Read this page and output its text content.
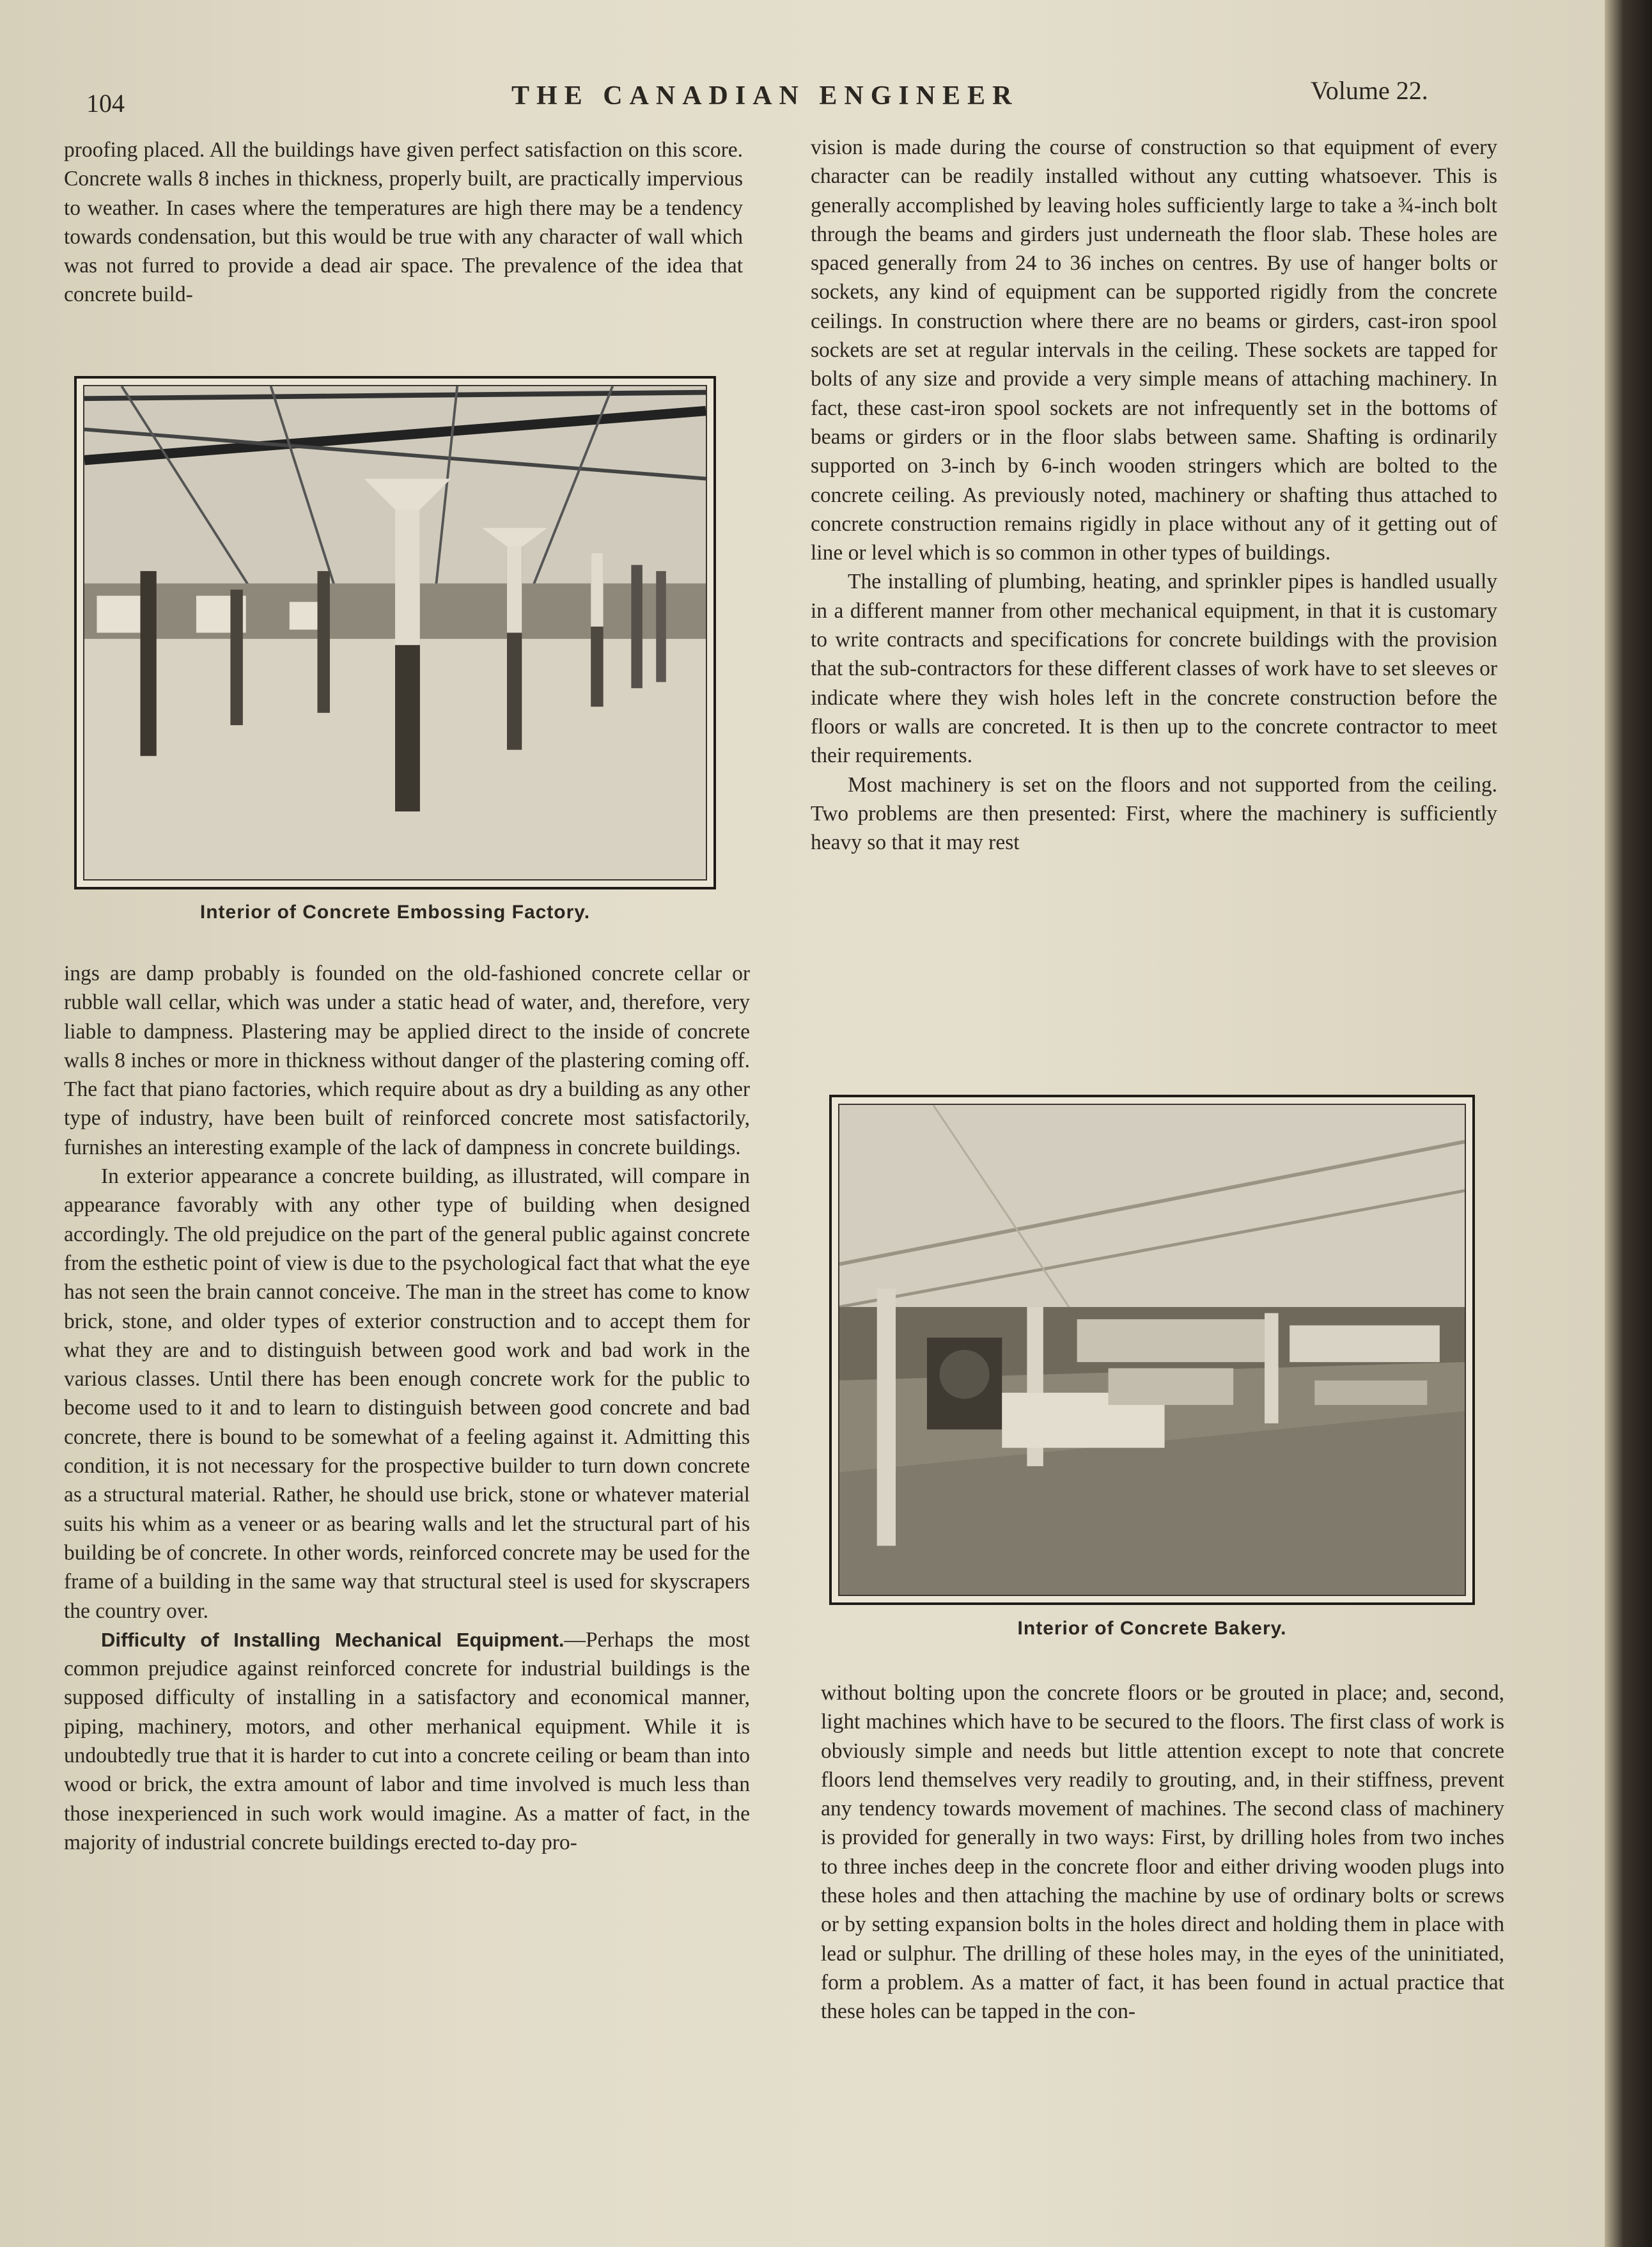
104	THE CANADIAN ENGINEER	Volume 22.

proofing placed. All the buildings have given perfect satisfaction on this score. Concrete walls 8 inches in thickness, properly built, are practically impervious to weather. In cases where the temperatures are high there may be a tendency towards condensation, but this would be true with any character of wall which was not furred to provide a dead air space. The prevalence of the idea that concrete build-

Interior of Concrete Embossing Factory.

ings are damp probably is founded on the old-fashioned concrete cellar or rubble wall cellar, which was under a static head of water, and, therefore, very liable to dampness. Plastering may be applied direct to the inside of concrete walls 8 inches or more in thickness without danger of the plastering coming off. The fact that piano factories, which require about as dry a building as any other type of industry, have been built of reinforced concrete most satisfactorily, furnishes an interesting example of the lack of dampness in concrete buildings.

In exterior appearance a concrete building, as illustrated, will compare in appearance favorably with any other type of building when designed accordingly. The old prejudice on the part of the general public against concrete from the esthetic point of view is due to the psychological fact that what the eye has not seen the brain cannot conceive. The man in the street has come to know brick, stone, and older types of exterior construction and to accept them for what they are and to distinguish between good work and bad work in the various classes. Until there has been enough concrete work for the public to become used to it and to learn to distinguish between good concrete and bad concrete, there is bound to be somewhat of a feeling against it. Admitting this condition, it is not necessary for the prospective builder to turn down concrete as a structural material. Rather, he should use brick, stone or whatever material suits his whim as a veneer or as bearing walls and let the structural part of his building be of concrete. In other words, reinforced concrete may be used for the frame of a building in the same way that structural steel is used for skyscrapers the country over.

Difficulty of Installing Mechanical Equipment.—Perhaps the most common prejudice against reinforced concrete for industrial buildings is the supposed difficulty of installing in a satisfactory and economical manner, piping, machinery, motors, and other merhanical equipment. While it is undoubtedly true that it is harder to cut into a concrete ceiling or beam than into wood or brick, the extra amount of labor and time involved is much less than those inexperienced in such work would imagine. As a matter of fact, in the majority of industrial concrete buildings erected to-day pro-

vision is made during the course of construction so that equipment of every character can be readily installed without any cutting whatsoever. This is generally accomplished by leaving holes sufficiently large to take a ¾-inch bolt through the beams and girders just underneath the floor slab. These holes are spaced generally from 24 to 36 inches on centres. By use of hanger bolts or sockets, any kind of equipment can be supported rigidly from the concrete ceilings. In construction where there are no beams or girders, cast-iron spool sockets are set at regular intervals in the ceiling. These sockets are tapped for bolts of any size and provide a very simple means of attaching machinery. In fact, these cast-iron spool sockets are not infrequently set in the bottoms of beams or girders or in the floor slabs between same. Shafting is ordinarily supported on 3-inch by 6-inch wooden stringers which are bolted to the concrete ceiling. As previously noted, machinery or shafting thus attached to concrete construction remains rigidly in place without any of it getting out of line or level which is so common in other types of buildings.

The installing of plumbing, heating, and sprinkler pipes is handled usually in a different manner from other mechanical equipment, in that it is customary to write contracts and specifications for concrete buildings with the provision that the sub-contractors for these different classes of work have to set sleeves or indicate where they wish holes left in the concrete construction before the floors or walls are concreted. It is then up to the concrete contractor to meet their requirements.

Most machinery is set on the floors and not supported from the ceiling. Two problems are then presented: First, where the machinery is sufficiently heavy so that it may rest

Interior of Concrete Bakery.

without bolting upon the concrete floors or be grouted in place; and, second, light machines which have to be secured to the floors. The first class of work is obviously simple and needs but little attention except to note that concrete floors lend themselves very readily to grouting, and, in their stiffness, prevent any tendency towards movement of machines. The second class of machinery is provided for generally in two ways: First, by drilling holes from two inches to three inches deep in the concrete floor and either driving wooden plugs into these holes and then attaching the machine by use of ordinary bolts or screws or by setting expansion bolts in the holes direct and holding them in place with lead or sulphur. The drilling of these holes may, in the eyes of the uninitiated, form a problem. As a matter of fact, it has been found in actual practice that these holes can be tapped in the con-
